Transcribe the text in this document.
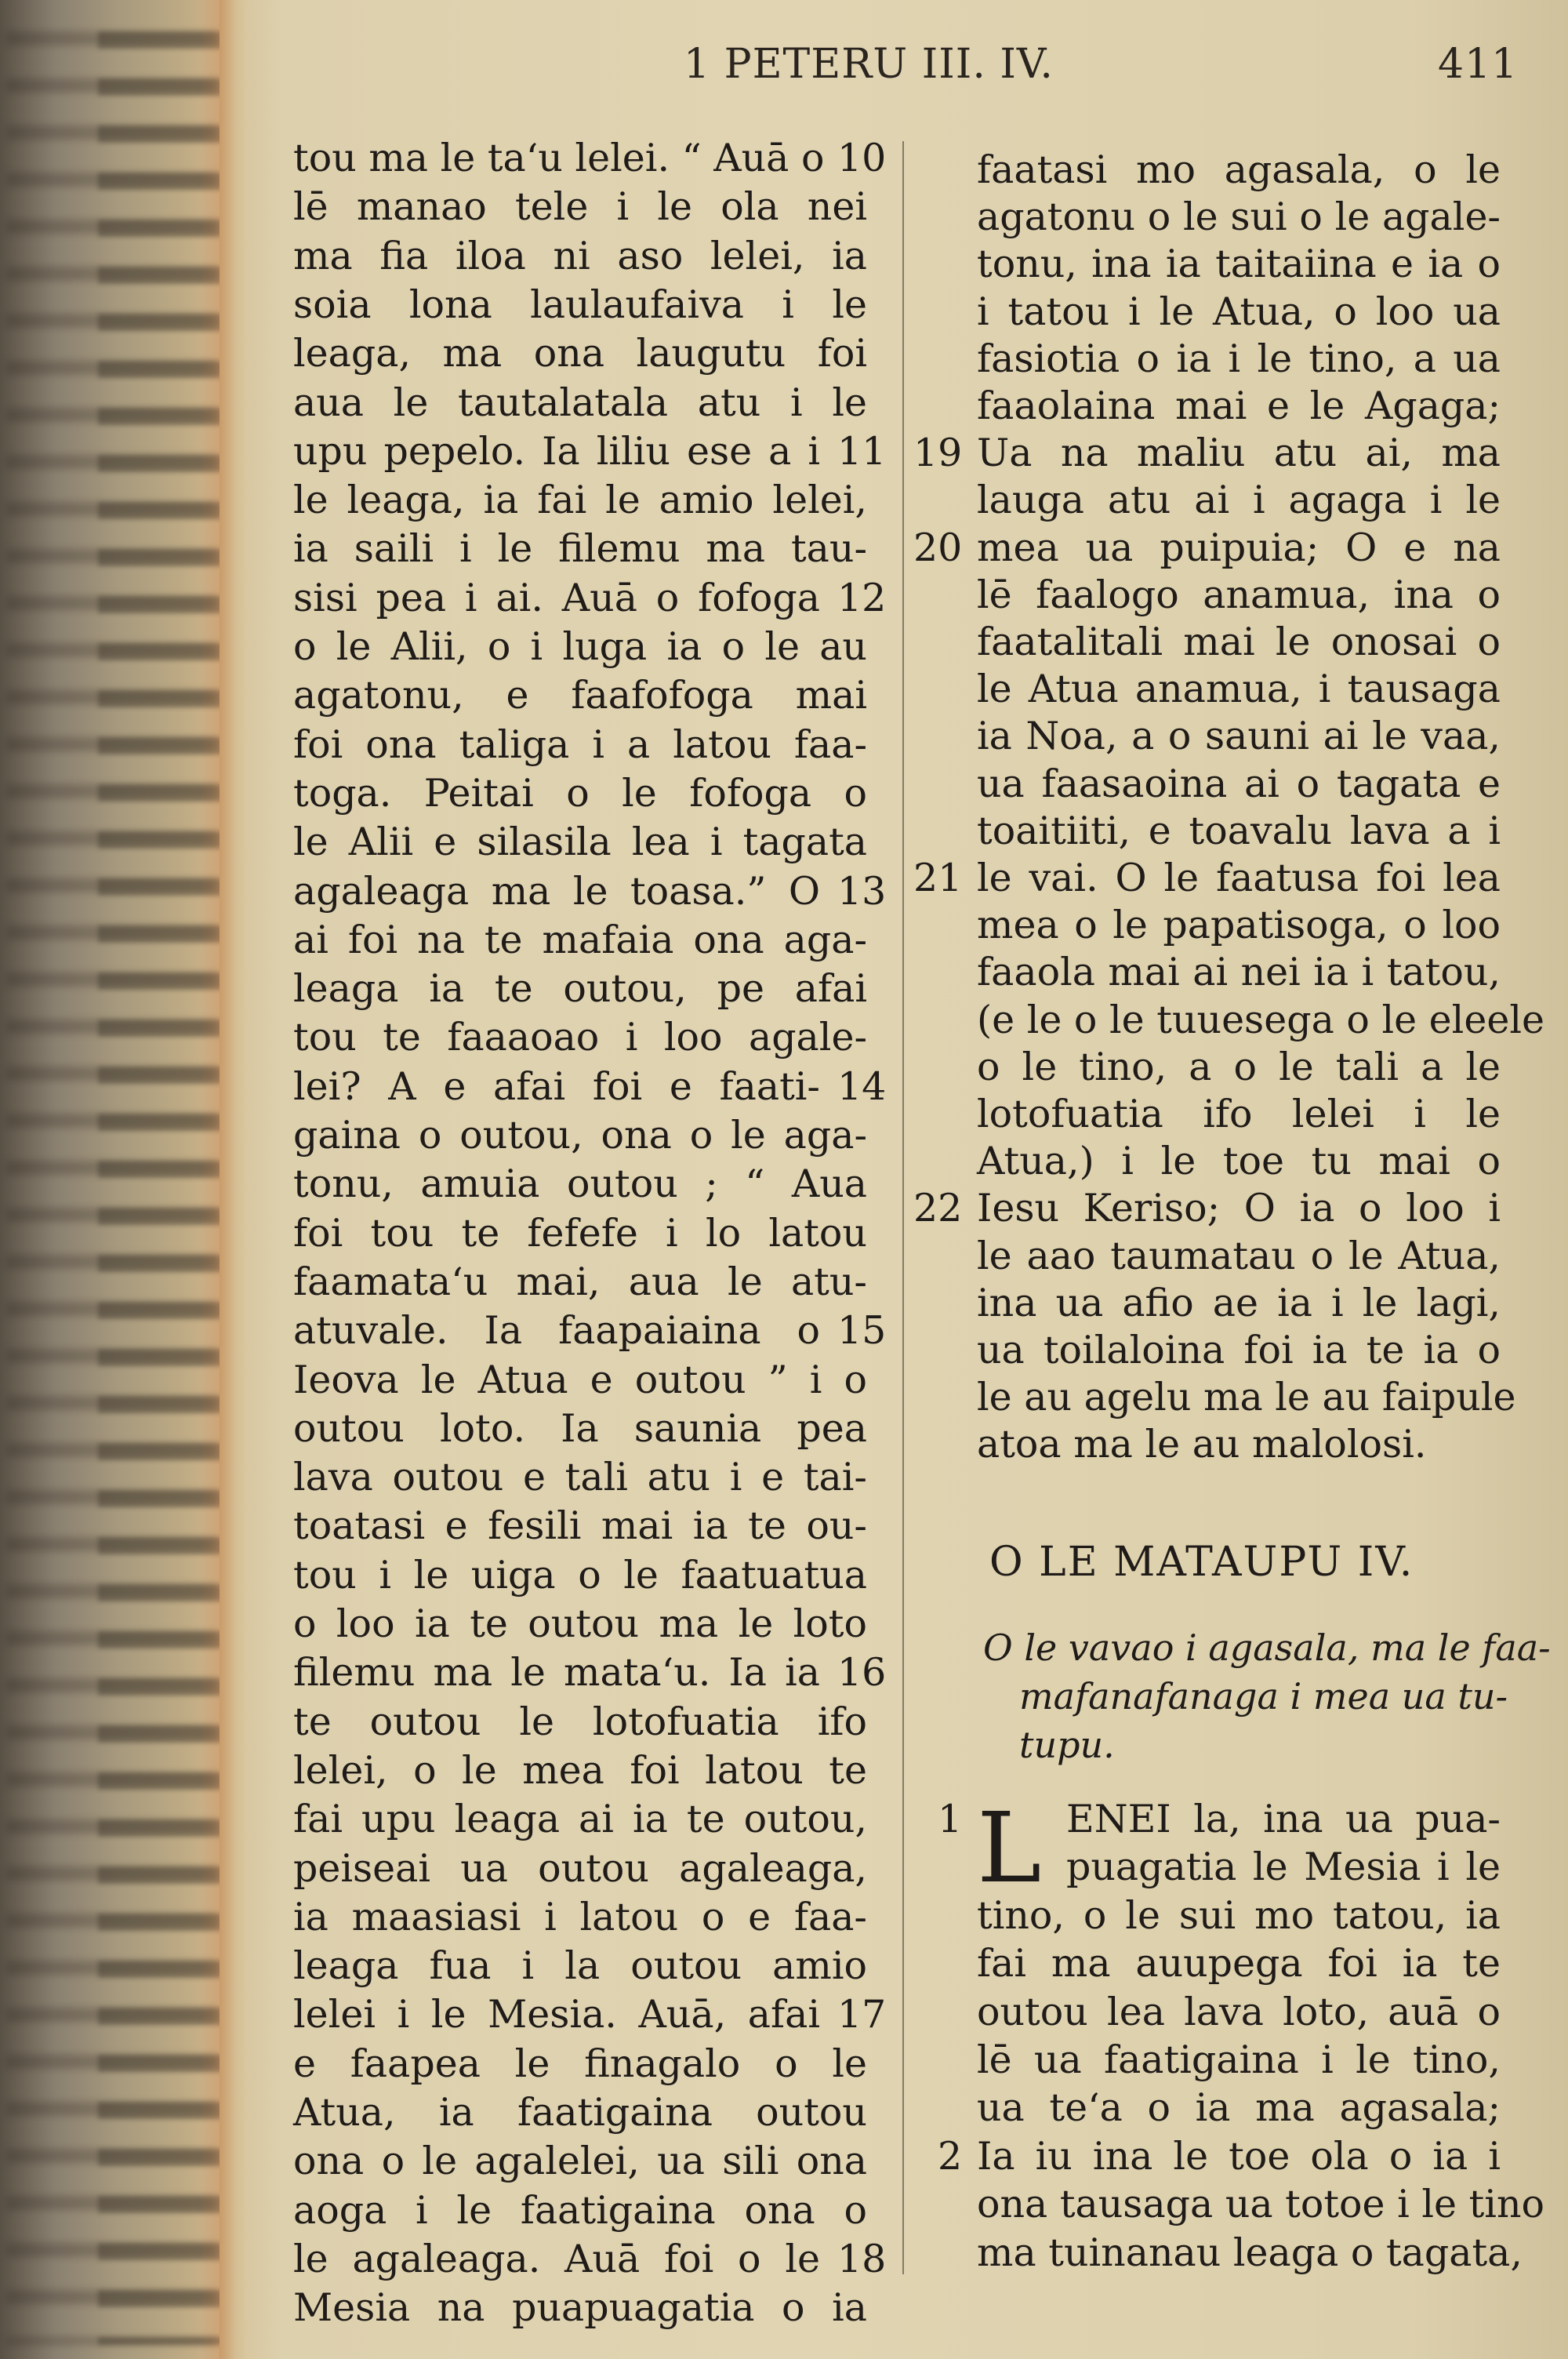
1 PETERU III. IV.	411
tou ma le taʻu lelei. “ Auā o
lē manao tele i le ola nei
ma fia iloa ni aso lelei, ia
soia lona laulaufaiva i le
leaga, ma ona laugutu foi
aua le tautalatala atu i le
upu pepelo. Ia liliu ese a i
le leaga, ia fai le amio lelei,
ia saili i le filemu ma tau-
sisi pea i ai. Auā o fofoga
o le Alii, o i luga ia o le au
agatonu, e faafofoga mai
foi ona taliga i a latou faa-
toga. Peitai o le fofoga o
le Alii e silasila lea i tagata
agaleaga ma le toasa.” O
ai foi na te mafaia ona aga-
leaga ia te outou, pe afai
tou te faaaoao i loo agale-
lei? A e afai foi e faati-
gaina o outou, ona o le aga-
tonu, amuia outou ; “ Aua
foi tou te fefefe i lo latou
faamataʻu mai, aua le atu-
atuvale. Ia faapaiaina o
Ieova le Atua e outou ” i o
outou loto. Ia saunia pea
lava outou e tali atu i e tai-
toatasi e fesili mai ia te ou-
tou i le uiga o le faatuatua
o loo ia te outou ma le loto
filemu ma le mataʻu. Ia ia
te outou le lotofuatia ifo
lelei, o le mea foi latou te
fai upu leaga ai ia te outou,
peiseai ua outou agaleaga,
ia maasiasi i latou o e faa-
leaga fua i la outou amio
lelei i le Mesia. Auā, afai
e faapea le finagalo o le
Atua, ia faatigaina outou
ona o le agalelei, ua sili ona
aoga i le faatigaina ona o
le agaleaga. Auā foi o le
Mesia na puapuagatia o ia
10
11
12
13
14
15
16
17
18
faatasi mo agasala, o le
agatonu o le sui o le agale-
tonu, ina ia taitaiina e ia o
i tatou i le Atua, o loo ua
fasiotia o ia i le tino, a ua
faaolaina mai e le Agaga;
Ua na maliu atu ai, ma
lauga atu ai i agaga i le
mea ua puipuia; O e na
lē faalogo anamua, ina o
faatalitali mai le onosai o
le Atua anamua, i tausaga
ia Noa, a o sauni ai le vaa,
ua faasaoina ai o tagata e
toaitiiti, e toavalu lava a i
le vai. O le faatusa foi lea
mea o le papatisoga, o loo
faaola mai ai nei ia i tatou,
(e le o le tuuesega o le eleele
o le tino, a o le tali a le
lotofuatia ifo lelei i le
Atua,) i le toe tu mai o
Iesu Keriso; O ia o loo i
le aao taumatau o le Atua,
ina ua afio ae ia i le lagi,
ua toilaloina foi ia te ia o
le au agelu ma le au faipule
atoa ma le au malolosi.
19
20
21
22
O LE MATAUPU IV.
O le vavao i agasala, ma le faa-
mafanafanaga i mea ua tu-
tupu.
L ENEI la, ina ua pua-
puagatia le Mesia i le
tino, o le sui mo tatou, ia
fai ma auupega foi ia te
outou lea lava loto, auā o
lē ua faatigaina i le tino,
ua teʻa o ia ma agasala;
Ia iu ina le toe ola o ia i
ona tausaga ua totoe i le tino
ma tuinanau leaga o tagata,
1
2
